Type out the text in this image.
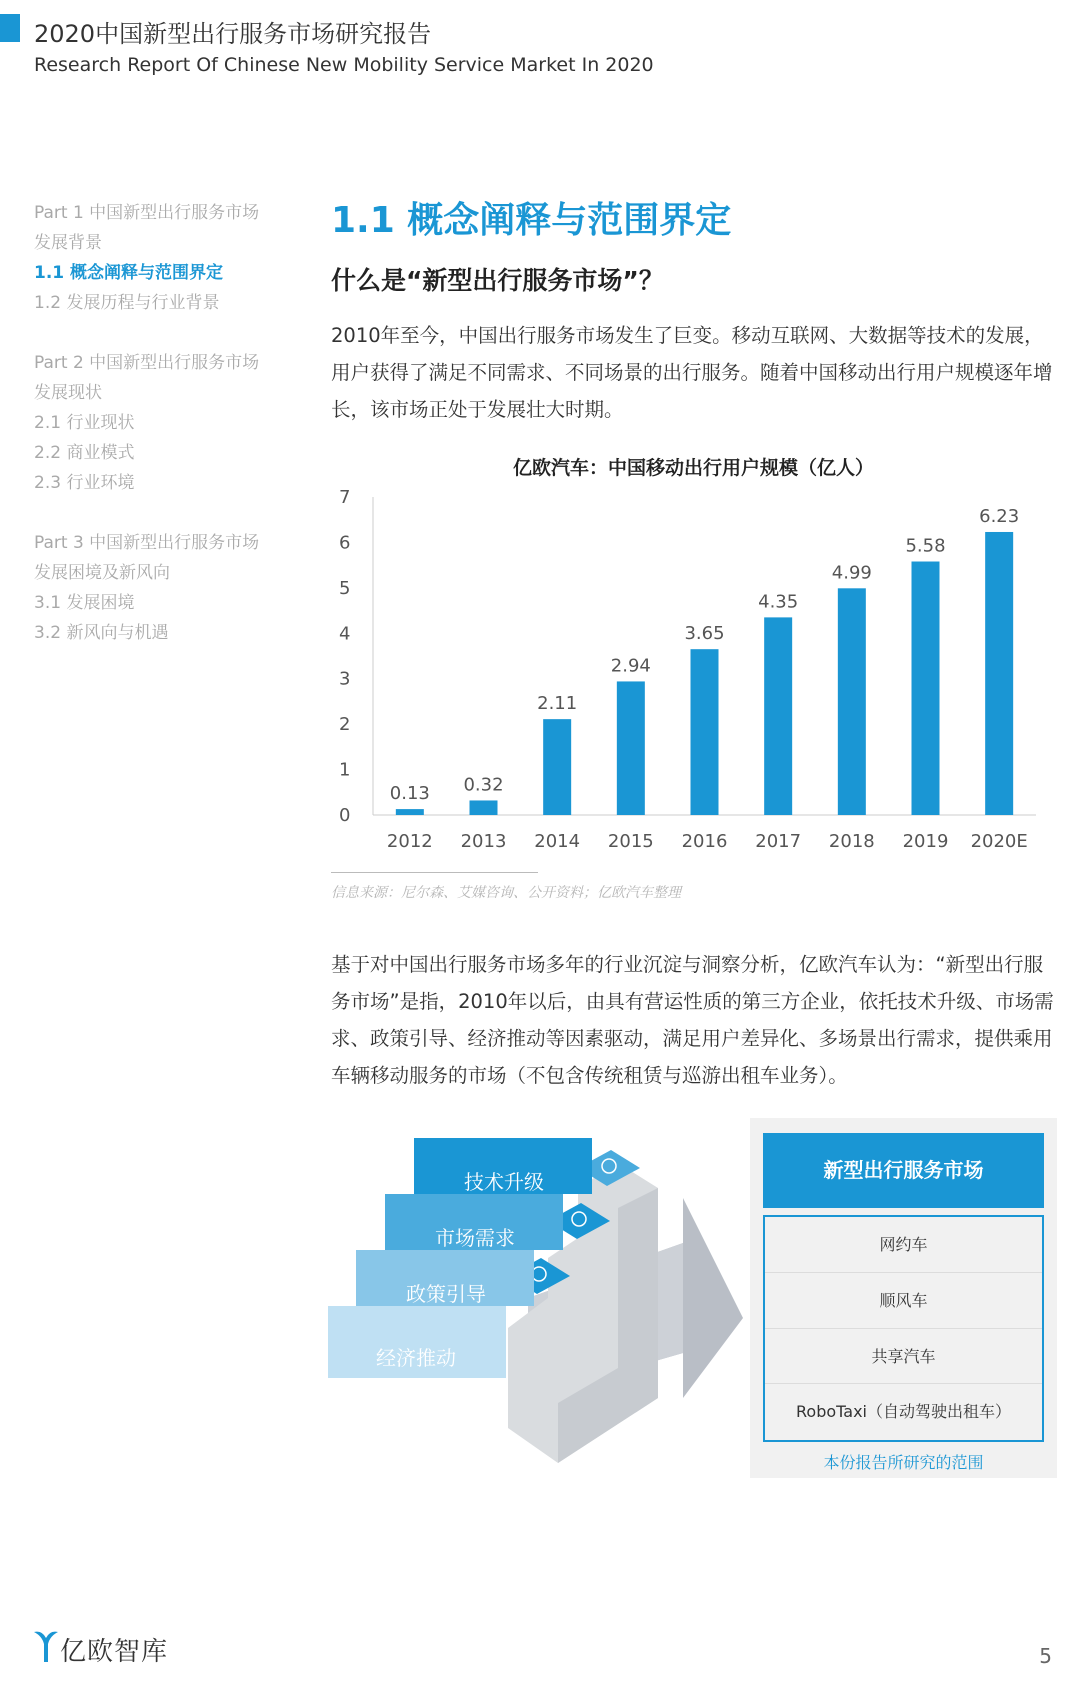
2020中国新型出行服务市场研究报告
Research Report Of Chinese New Mobility Service Market In 2020
Part 1 中国新型出行服务市场
发展背景
1.1 概念阐释与范围界定
1.2 发展历程与行业背景
Part 2 中国新型出行服务市场
发展现状
2.1 行业现状
2.2 商业模式
2.3 行业环境
Part 3 中国新型出行服务市场
发展困境及新风向
3.1 发展困境
3.2 新风向与机遇
1.1 概念阐释与范围界定
什么是“新型出行服务市场”？
2010年至今，中国出行服务市场发生了巨变。移动互联网、大数据等技术的发展，用户获得了满足不同需求、不同场景的出行服务。随着中国移动出行用户规模逐年增长，该市场正处于发展壮大时期。
亿欧汽车：中国移动出行用户规模（亿人）
0
1
2
3
4
5
6
7
0.13
2012
0.32
2013
2.11
2014
2.94
2015
3.65
2016
4.35
2017
4.99
2018
5.58
2019
6.23
2020E
信息来源：尼尔森、艾媒咨询、公开资料；亿欧汽车整理
基于对中国出行服务市场多年的行业沉淀与洞察分析，亿欧汽车认为：“新型出行服务市场”是指，2010年以后，由具有营运性质的第三方企业，依托技术升级、市场需求、政策引导、经济推动等因素驱动，满足用户差异化、多场景出行需求，提供乘用车辆移动服务的市场（不包含传统租赁与巡游出租车业务）。
技术升级
市场需求
政策引导
经济推动
新型出行服务市场
网约车
顺风车
共享汽车
RoboTaxi（自动驾驶出租车）
本份报告所研究的范围
亿欧智库	5
